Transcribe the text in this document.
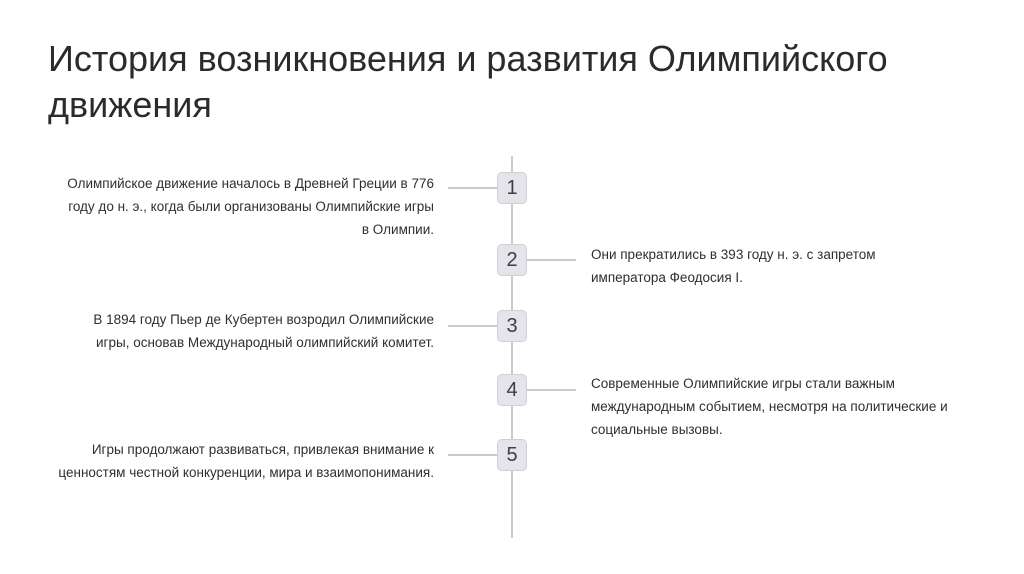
История возникновения и развития Олимпийского движения
1
Олимпийское движение началось в Древней Греции в 776 году до н. э., когда были организованы Олимпийские игры в Олимпии.
2	Они прекратились в 393 году н. э. с запретом императора Феодосия I.
3
В 1894 году Пьер де Кубертен возродил Олимпийские игры, основав Международный олимпийский комитет.
4	Современные Олимпийские игры стали важным международным событием, несмотря на политические и социальные вызовы.
5
Игры продолжают развиваться, привлекая внимание к ценностям честной конкуренции, мира и взаимопонимания.
